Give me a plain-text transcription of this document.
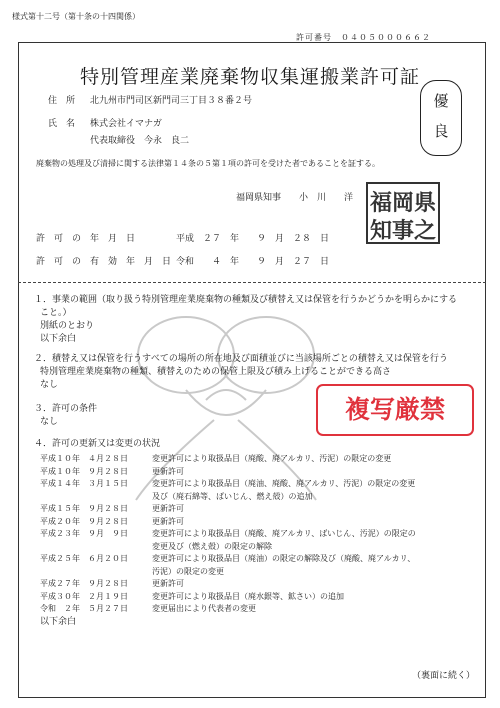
様式第十二号（第十条の十四関係）
許可番号　０４０５０００６６２
特別管理産業廃棄物収集運搬業許可証
住　所 北九州市門司区新門司三丁目３８番２号
氏　名 株式会社イマナガ
代表取締役　今永　良二
優
良
廃棄物の処理及び清掃に関する法律第１４条の５第１項の許可を受けた者であることを証する。
福岡県知事　　小　川　　洋 福 岡 県
知 事 之
許　可　の　年　月　日	平成　２７　年　　９　月　２８　日
許　可　の　有　効　年　月　日 令和　　４　年　　９　月　２７　日
１．事業の範囲（取り扱う特別管理産業廃棄物の種類及び積替え又は保管を行うかどうかを明らかにする
こと。）
別紙のとおり
以下余白
２．積替え又は保管を行うすべての場所の所在地及び面積並びに当該場所ごとの積替え又は保管を行う
特別管理産業廃棄物の種類、積替えのための保管上限及び積み上げることができる高さ
なし
３．許可の条件
なし	複写厳禁
４．許可の更新又は変更の状況
平成１０年　４月２８日	変更許可により取扱品目（廃酸、廃アルカリ、汚泥）の限定の変更
平成１０年　９月２８日	更新許可
平成１４年　３月１５日	変更許可により取扱品目（廃油、廃酸、廃アルカリ、汚泥）の限定の変更
及び（廃石綿等、ばいじん、燃え殻）の追加
平成１５年　９月２８日	更新許可
平成２０年　９月２８日	更新許可
平成２３年　９月　９日	変更許可により取扱品目（廃酸、廃アルカリ、ばいじん、汚泥）の限定の
変更及び（燃え殻）の限定の解除
平成２５年　６月２０日	変更許可により取扱品目（廃油）の限定の解除及び（廃酸、廃アルカリ、
汚泥）の限定の変更
平成２７年　９月２８日	更新許可
平成３０年　２月１９日	変更許可により取扱品目（廃水銀等、鉱さい）の追加
令和　２年　５月２７日	変更届出により代表者の変更
以下余白
（裏面に続く）
